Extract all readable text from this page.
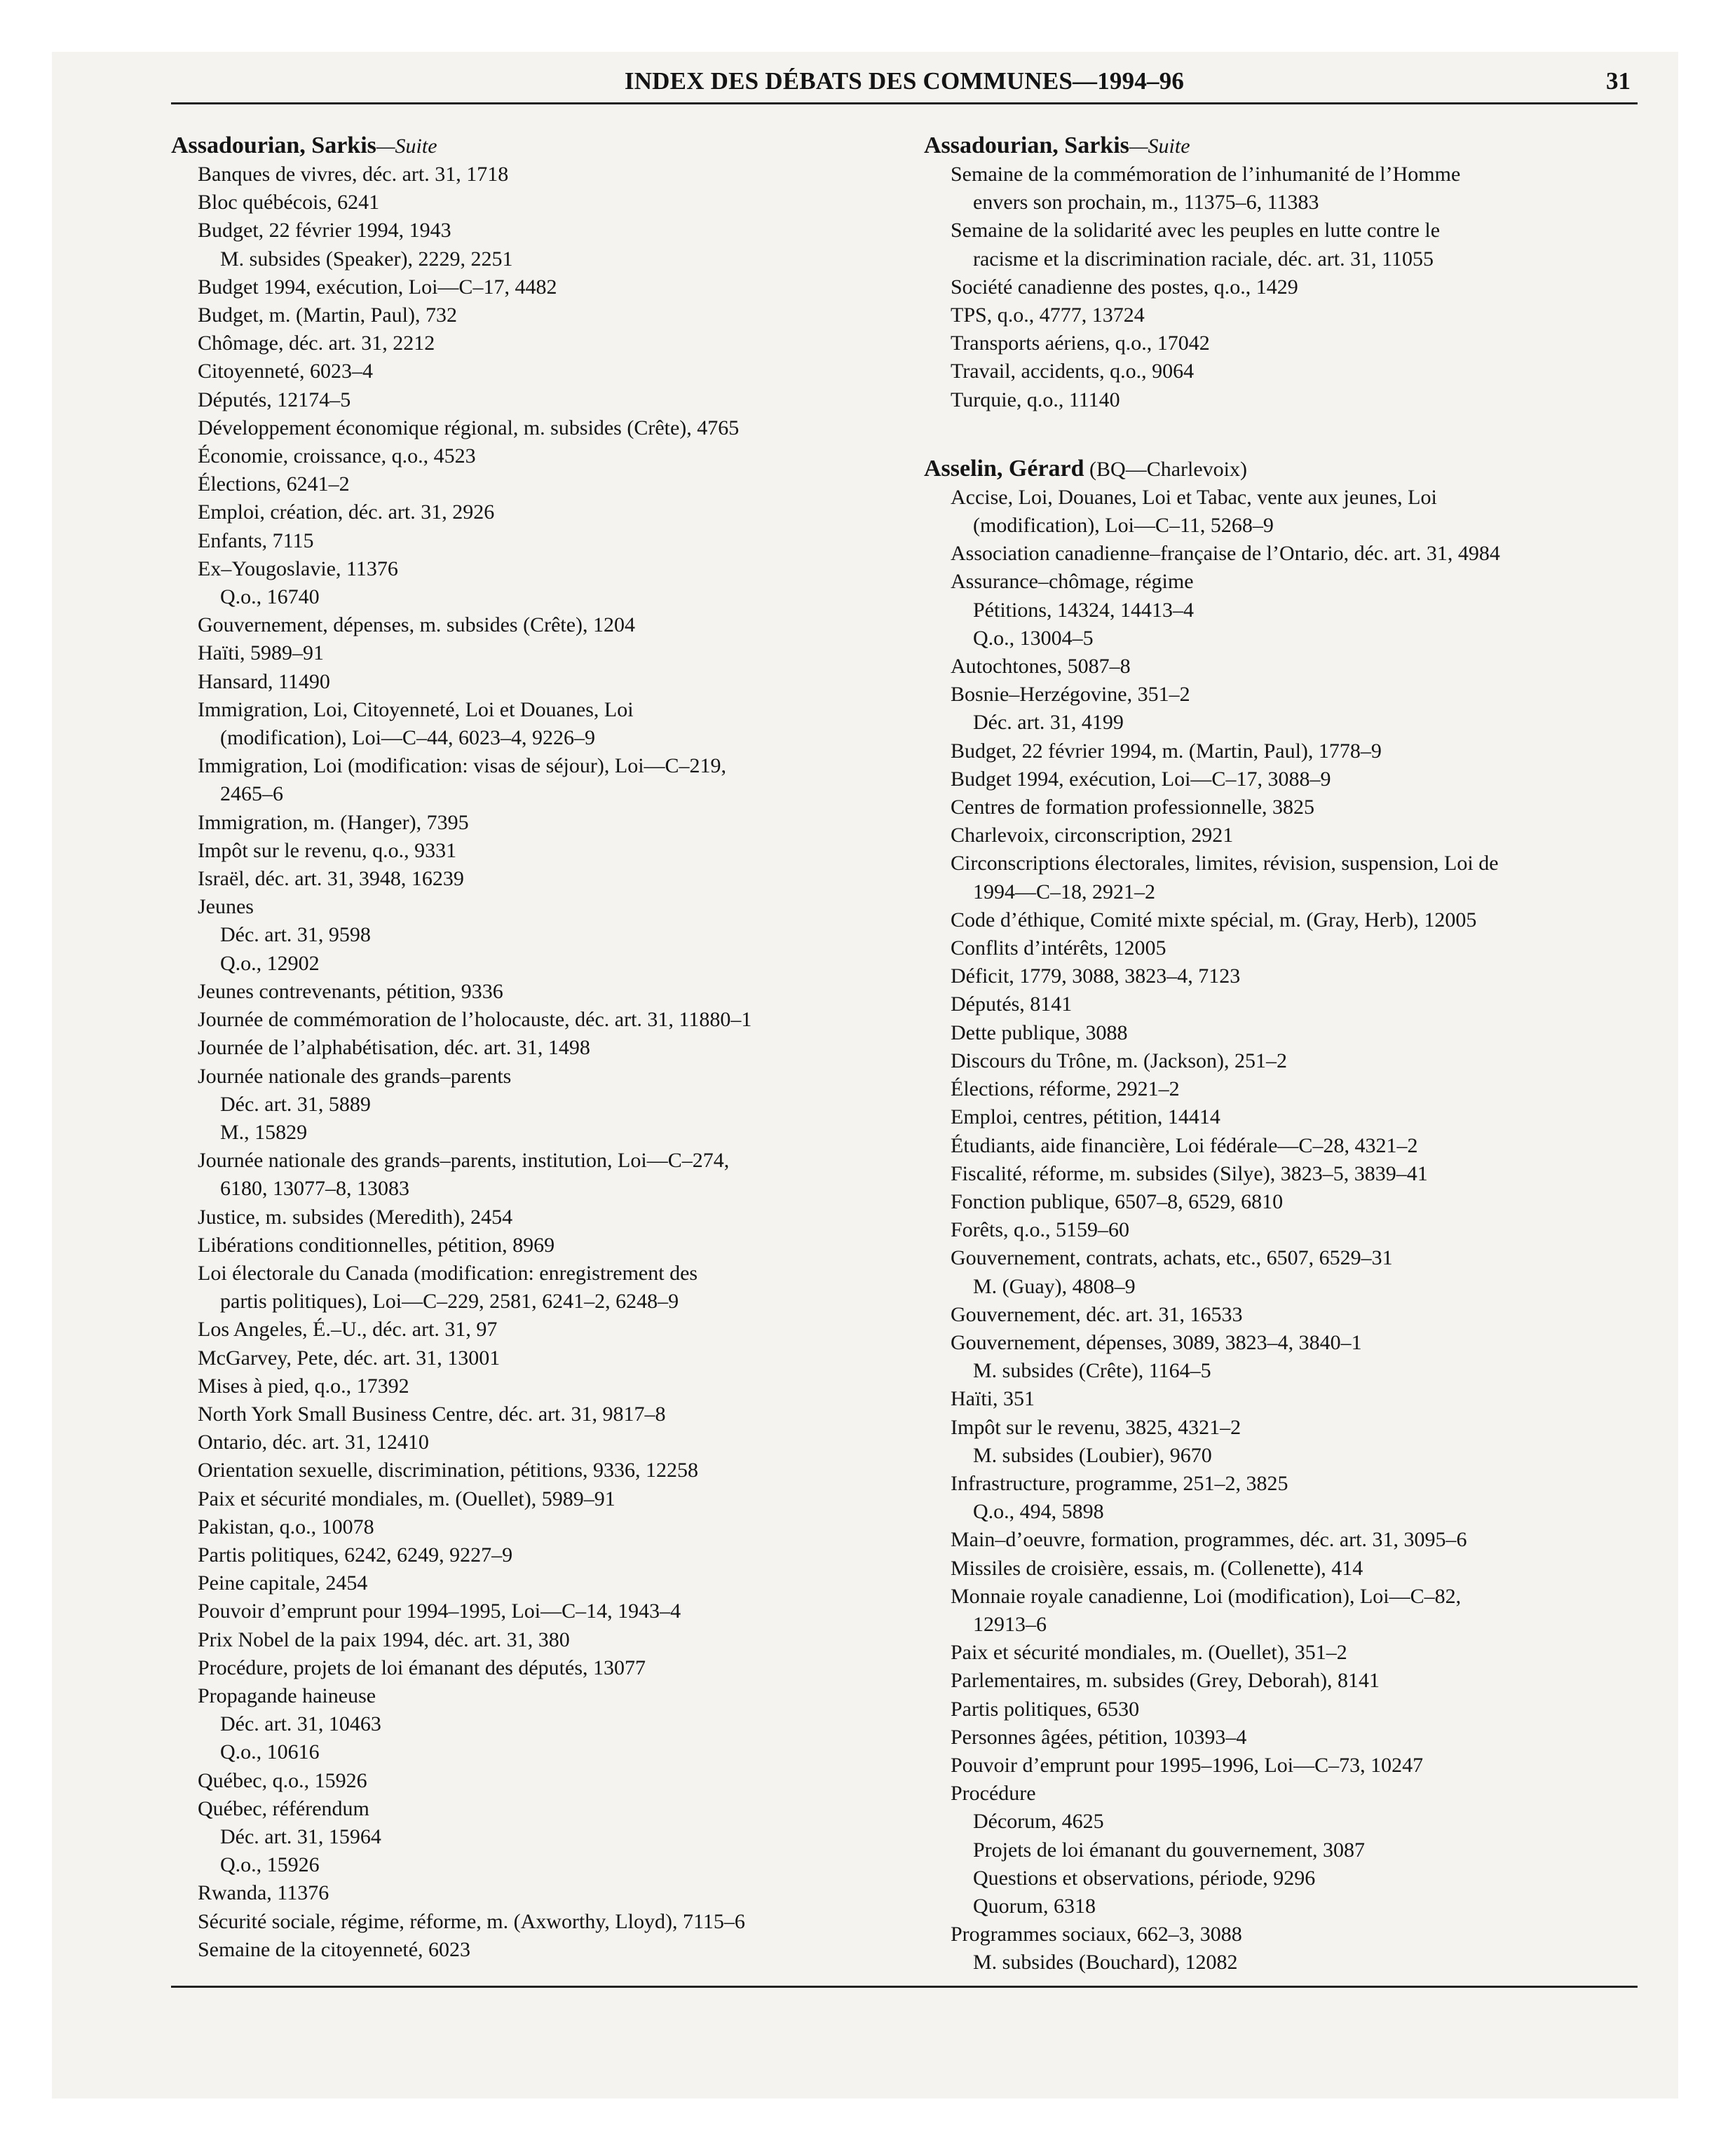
INDEX DES DÉBATS DES COMMUNES—1994–96	31
Assadourian, Sarkis—Suite
Banques de vivres, déc. art. 31, 1718
Bloc québécois, 6241
Budget, 22 février 1994, 1943
M. subsides (Speaker), 2229, 2251
Budget 1994, exécution, Loi—C–17, 4482
Budget, m. (Martin, Paul), 732
Chômage, déc. art. 31, 2212
Citoyenneté, 6023–4
Députés, 12174–5
Développement économique régional, m. subsides (Crête), 4765
Économie, croissance, q.o., 4523
Élections, 6241–2
Emploi, création, déc. art. 31, 2926
Enfants, 7115
Ex–Yougoslavie, 11376
Q.o., 16740
Gouvernement, dépenses, m. subsides (Crête), 1204
Haïti, 5989–91
Hansard, 11490
Immigration, Loi, Citoyenneté, Loi et Douanes, Loi
(modification), Loi—C–44, 6023–4, 9226–9
Immigration, Loi (modification: visas de séjour), Loi—C–219,
2465–6
Immigration, m. (Hanger), 7395
Impôt sur le revenu, q.o., 9331
Israël, déc. art. 31, 3948, 16239
Jeunes
Déc. art. 31, 9598
Q.o., 12902
Jeunes contrevenants, pétition, 9336
Journée de commémoration de l’holocauste, déc. art. 31, 11880–1
Journée de l’alphabétisation, déc. art. 31, 1498
Journée nationale des grands–parents
Déc. art. 31, 5889
M., 15829
Journée nationale des grands–parents, institution, Loi—C–274,
6180, 13077–8, 13083
Justice, m. subsides (Meredith), 2454
Libérations conditionnelles, pétition, 8969
Loi électorale du Canada (modification: enregistrement des
partis politiques), Loi—C–229, 2581, 6241–2, 6248–9
Los Angeles, É.–U., déc. art. 31, 97
McGarvey, Pete, déc. art. 31, 13001
Mises à pied, q.o., 17392
North York Small Business Centre, déc. art. 31, 9817–8
Ontario, déc. art. 31, 12410
Orientation sexuelle, discrimination, pétitions, 9336, 12258
Paix et sécurité mondiales, m. (Ouellet), 5989–91
Pakistan, q.o., 10078
Partis politiques, 6242, 6249, 9227–9
Peine capitale, 2454
Pouvoir d’emprunt pour 1994–1995, Loi—C–14, 1943–4
Prix Nobel de la paix 1994, déc. art. 31, 380
Procédure, projets de loi émanant des députés, 13077
Propagande haineuse
Déc. art. 31, 10463
Q.o., 10616
Québec, q.o., 15926
Québec, référendum
Déc. art. 31, 15964
Q.o., 15926
Rwanda, 11376
Sécurité sociale, régime, réforme, m. (Axworthy, Lloyd), 7115–6
Semaine de la citoyenneté, 6023
Assadourian, Sarkis—Suite
Semaine de la commémoration de l’inhumanité de l’Homme
envers son prochain, m., 11375–6, 11383
Semaine de la solidarité avec les peuples en lutte contre le
racisme et la discrimination raciale, déc. art. 31, 11055
Société canadienne des postes, q.o., 1429
TPS, q.o., 4777, 13724
Transports aériens, q.o., 17042
Travail, accidents, q.o., 9064
Turquie, q.o., 11140
Asselin, Gérard (BQ—Charlevoix)
Accise, Loi, Douanes, Loi et Tabac, vente aux jeunes, Loi
(modification), Loi—C–11, 5268–9
Association canadienne–française de l’Ontario, déc. art. 31, 4984
Assurance–chômage, régime
Pétitions, 14324, 14413–4
Q.o., 13004–5
Autochtones, 5087–8
Bosnie–Herzégovine, 351–2
Déc. art. 31, 4199
Budget, 22 février 1994, m. (Martin, Paul), 1778–9
Budget 1994, exécution, Loi—C–17, 3088–9
Centres de formation professionnelle, 3825
Charlevoix, circonscription, 2921
Circonscriptions électorales, limites, révision, suspension, Loi de
1994—C–18, 2921–2
Code d’éthique, Comité mixte spécial, m. (Gray, Herb), 12005
Conflits d’intérêts, 12005
Déficit, 1779, 3088, 3823–4, 7123
Députés, 8141
Dette publique, 3088
Discours du Trône, m. (Jackson), 251–2
Élections, réforme, 2921–2
Emploi, centres, pétition, 14414
Étudiants, aide financière, Loi fédérale—C–28, 4321–2
Fiscalité, réforme, m. subsides (Silye), 3823–5, 3839–41
Fonction publique, 6507–8, 6529, 6810
Forêts, q.o., 5159–60
Gouvernement, contrats, achats, etc., 6507, 6529–31
M. (Guay), 4808–9
Gouvernement, déc. art. 31, 16533
Gouvernement, dépenses, 3089, 3823–4, 3840–1
M. subsides (Crête), 1164–5
Haïti, 351
Impôt sur le revenu, 3825, 4321–2
M. subsides (Loubier), 9670
Infrastructure, programme, 251–2, 3825
Q.o., 494, 5898
Main–d’oeuvre, formation, programmes, déc. art. 31, 3095–6
Missiles de croisière, essais, m. (Collenette), 414
Monnaie royale canadienne, Loi (modification), Loi—C–82,
12913–6
Paix et sécurité mondiales, m. (Ouellet), 351–2
Parlementaires, m. subsides (Grey, Deborah), 8141
Partis politiques, 6530
Personnes âgées, pétition, 10393–4
Pouvoir d’emprunt pour 1995–1996, Loi—C–73, 10247
Procédure
Décorum, 4625
Projets de loi émanant du gouvernement, 3087
Questions et observations, période, 9296
Quorum, 6318
Programmes sociaux, 662–3, 3088
M. subsides (Bouchard), 12082
